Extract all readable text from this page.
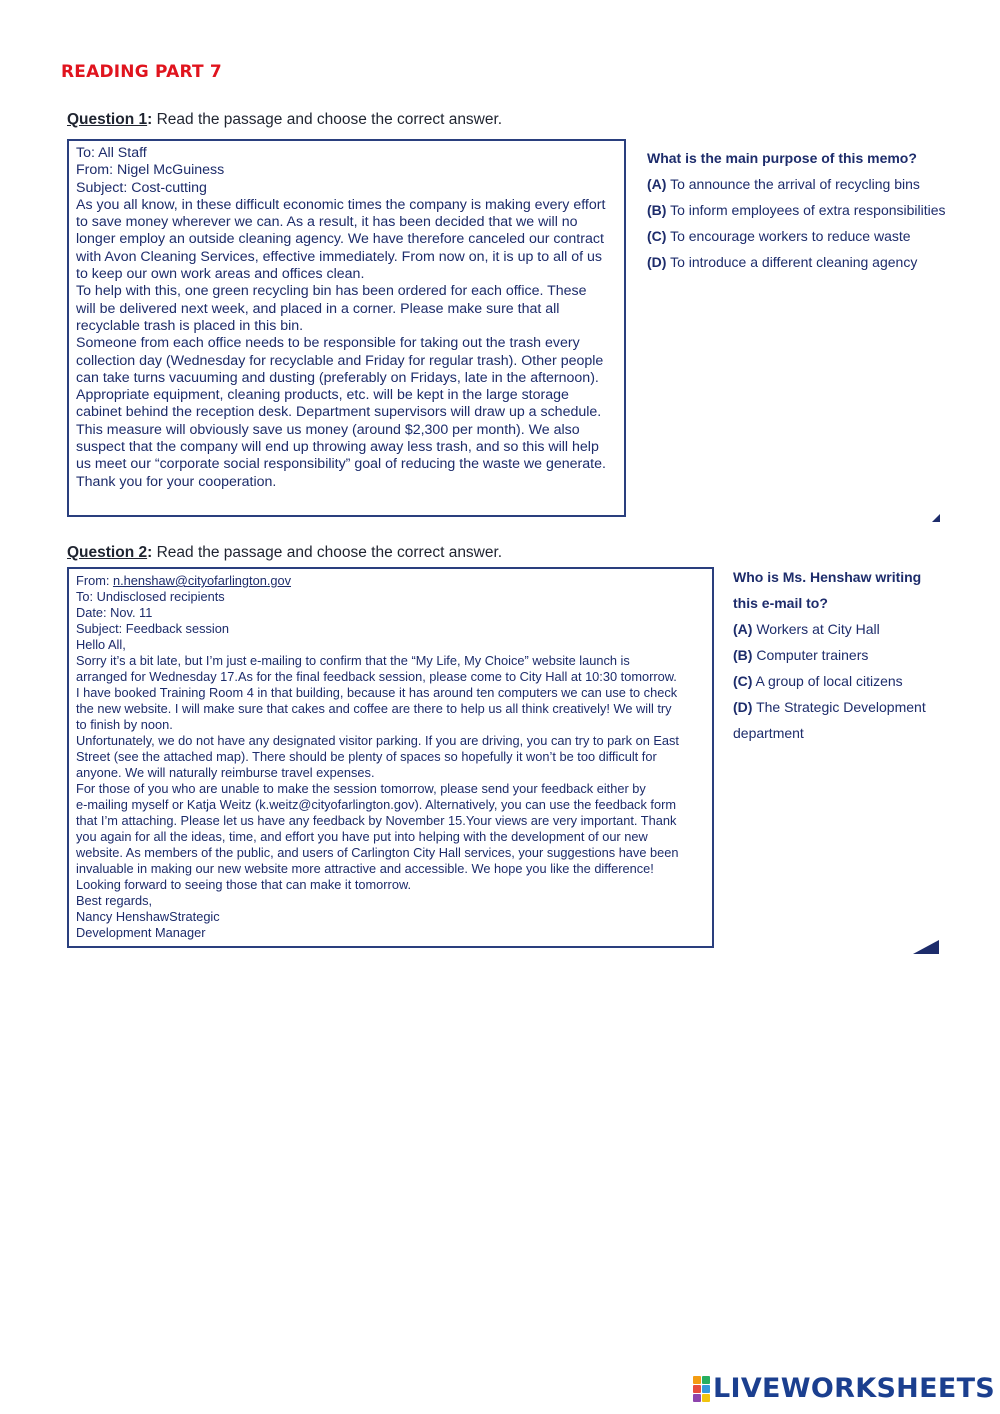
READING PART 7
Question 1: Read the passage and choose the correct answer.
To: All Staff
From: Nigel McGuiness
Subject: Cost-cutting
As you all know, in these difficult economic times the company is making every effort
to save money wherever we can. As a result, it has been decided that we will no
longer employ an outside cleaning agency. We have therefore canceled our contract
with Avon Cleaning Services, effective immediately. From now on, it is up to all of us
to keep our own work areas and offices clean.
To help with this, one green recycling bin has been ordered for each office. These
will be delivered next week, and placed in a corner. Please make sure that all
recyclable trash is placed in this bin.
Someone from each office needs to be responsible for taking out the trash every
collection day (Wednesday for recyclable and Friday for regular trash). Other people
can take turns vacuuming and dusting (preferably on Fridays, late in the afternoon).
Appropriate equipment, cleaning products, etc. will be kept in the large storage
cabinet behind the reception desk. Department supervisors will draw up a schedule.
This measure will obviously save us money (around $2,300 per month). We also
suspect that the company will end up throwing away less trash, and so this will help
us meet our “corporate social responsibility” goal of reducing the waste we generate.
Thank you for your cooperation.
What is the main purpose of this memo?
(A) To announce the arrival of recycling bins
(B) To inform employees of extra responsibilities
(C) To encourage workers to reduce waste
(D) To introduce a different cleaning agency
Question 2: Read the passage and choose the correct answer.
From: n.henshaw@cityofarlington.gov
To: Undisclosed recipients
Date: Nov. 11
Subject: Feedback session
Hello All,
Sorry it’s a bit late, but I’m just e-mailing to confirm that the “My Life, My Choice” website launch is
arranged for Wednesday 17.As for the final feedback session, please come to City Hall at 10:30 tomorrow.
I have booked Training Room 4 in that building, because it has around ten computers we can use to check
the new website. I will make sure that cakes and coffee are there to help us all think creatively! We will try
to finish by noon.
Unfortunately, we do not have any designated visitor parking. If you are driving, you can try to park on East
Street (see the attached map). There should be plenty of spaces so hopefully it won’t be too difficult for
anyone. We will naturally reimburse travel expenses.
For those of you who are unable to make the session tomorrow, please send your feedback either by
e-mailing myself or Katja Weitz (k.weitz@cityofarlington.gov). Alternatively, you can use the feedback form
that I’m attaching. Please let us have any feedback by November 15.Your views are very important. Thank
you again for all the ideas, time, and effort you have put into helping with the development of our new
website. As members of the public, and users of Carlington City Hall services, your suggestions have been
invaluable in making our new website more attractive and accessible. We hope you like the difference!
Looking forward to seeing those that can make it tomorrow.
Best regards,
Nancy HenshawStrategic
Development Manager
Who is Ms. Henshaw writing this e-mail to?
(A) Workers at City Hall
(B) Computer trainers
(C) A group of local citizens
(D) The Strategic Development department
LIVEWORKSHEETS
